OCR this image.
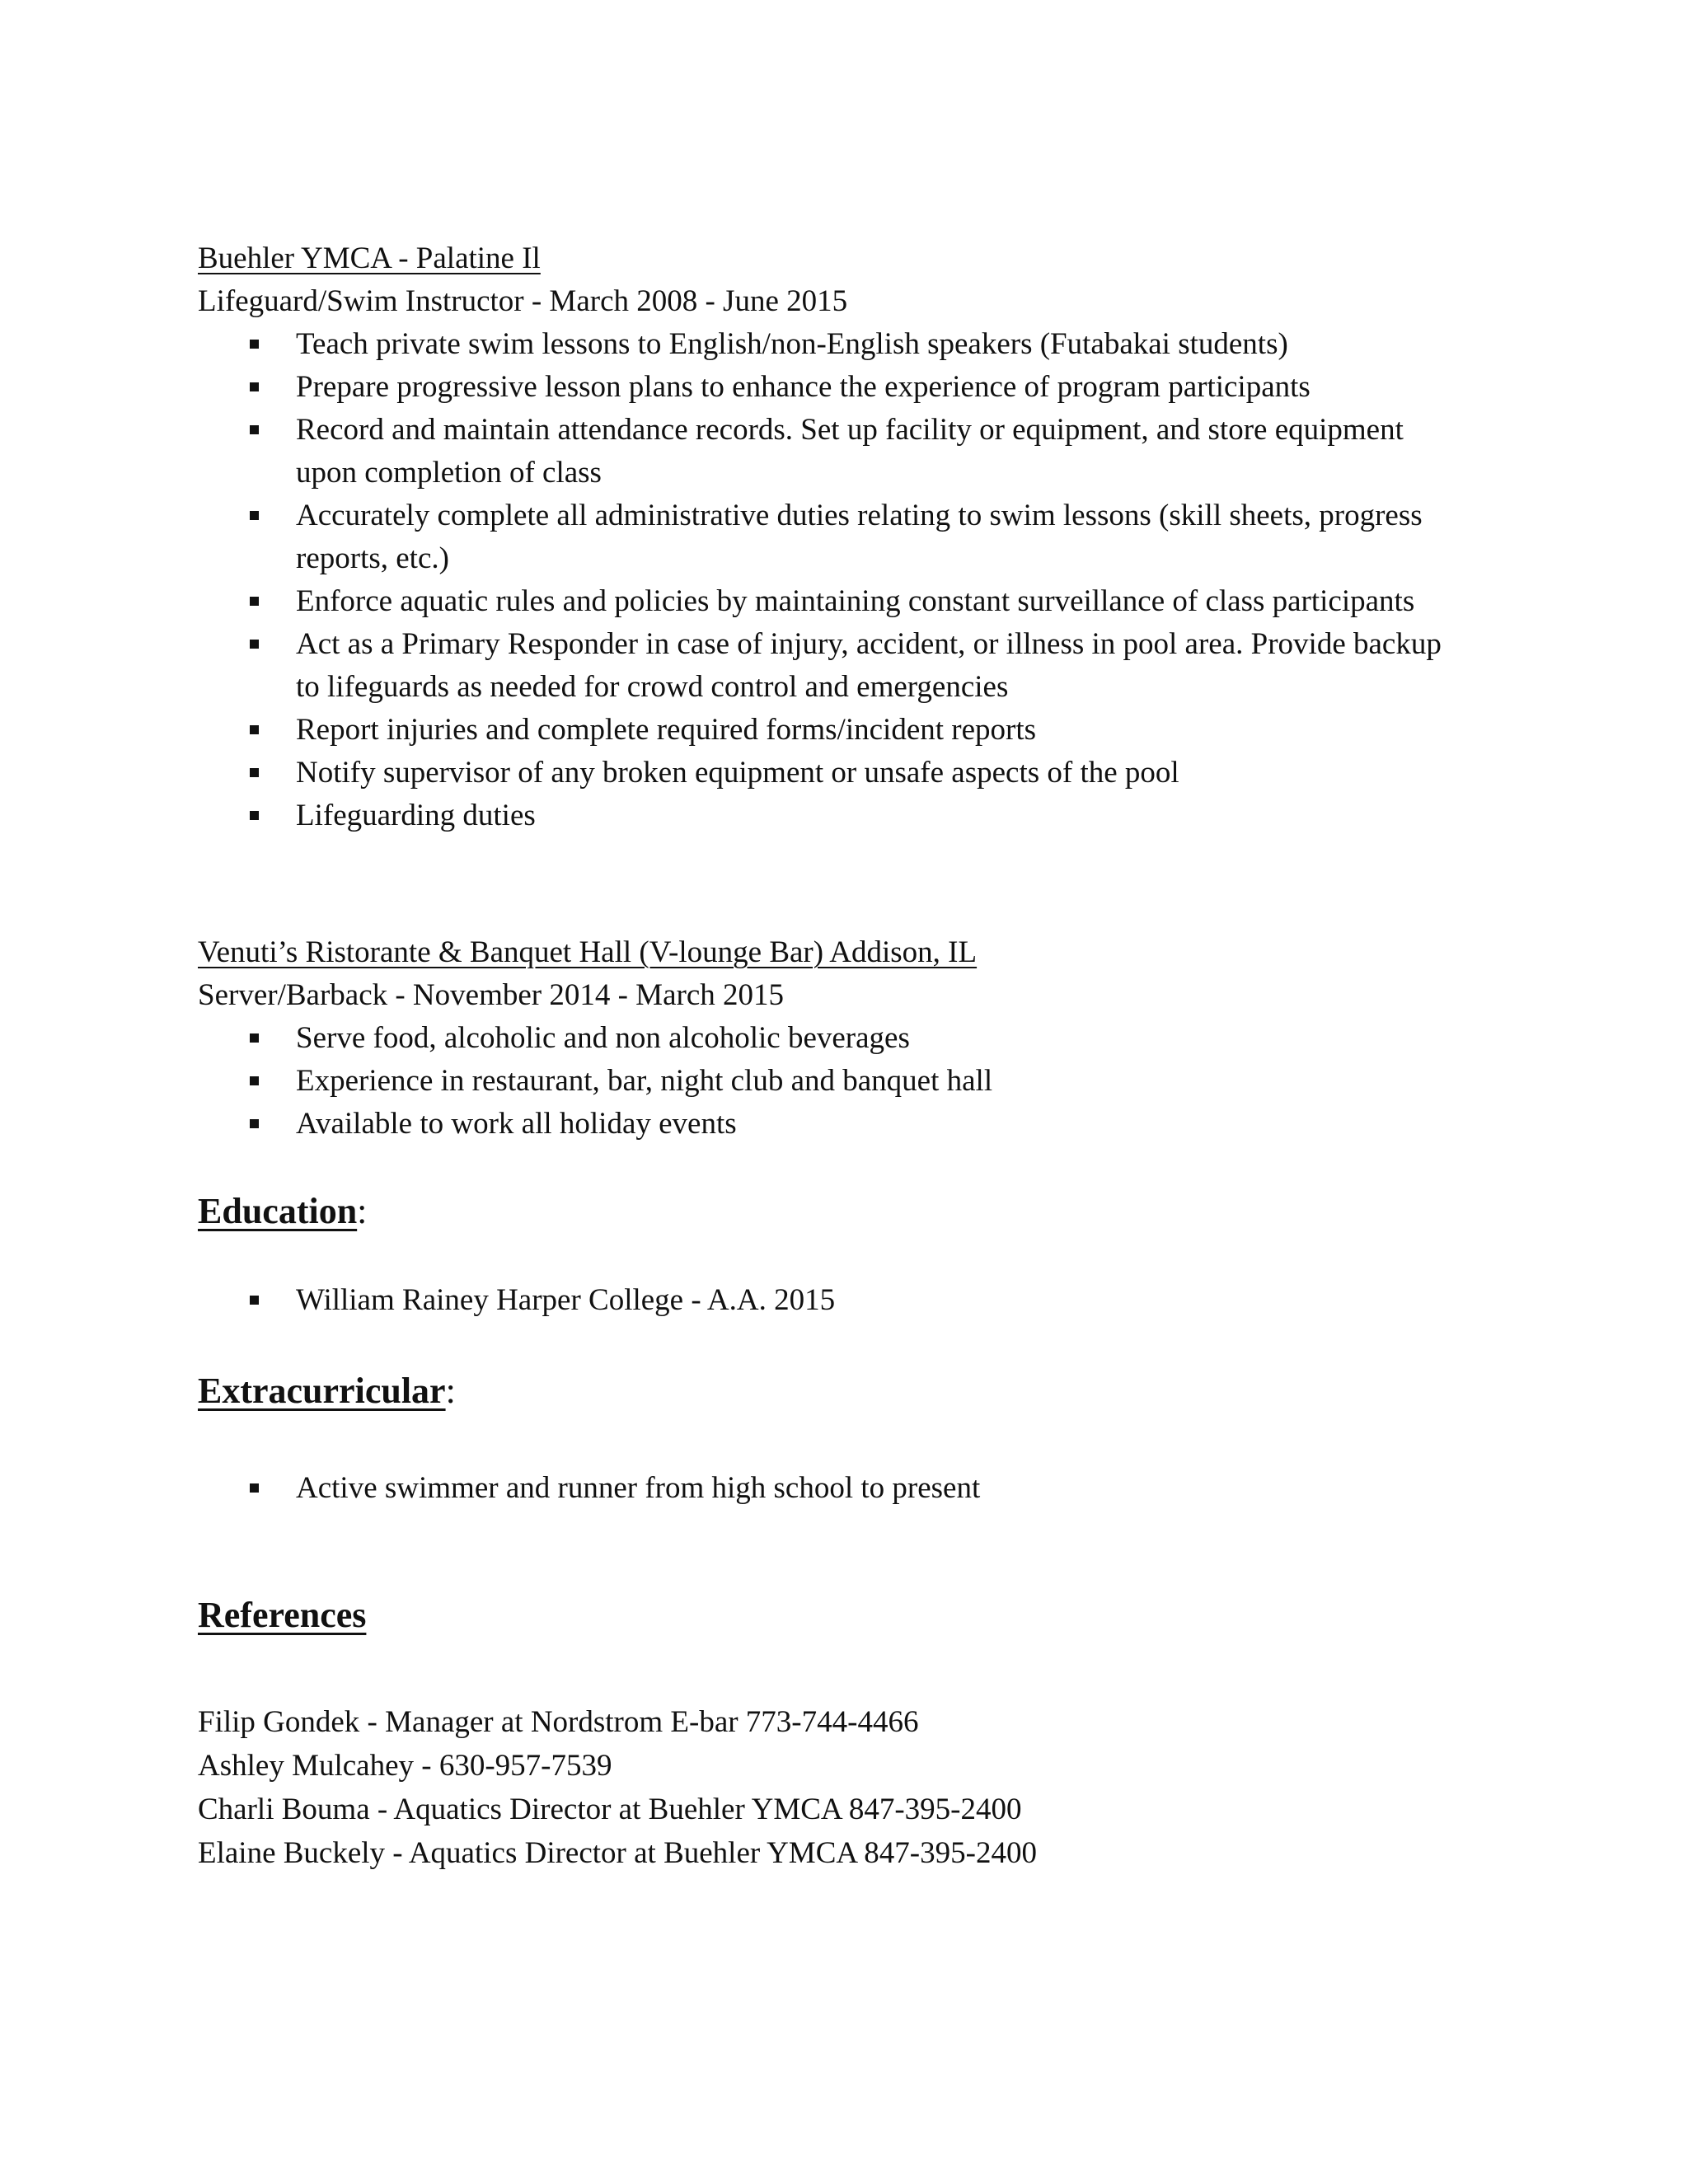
Buehler YMCA - Palatine Il
Lifeguard/Swim Instructor - March 2008 - June 2015
Teach private swim lessons to English/non-English speakers (Futabakai students)
Prepare progressive lesson plans to enhance the experience of program participants
Record and maintain attendance records. Set up facility or equipment, and store equipment upon completion of class
Accurately complete all administrative duties relating to swim lessons (skill sheets, progress reports, etc.)
Enforce aquatic rules and policies by maintaining constant surveillance of class participants
Act as a Primary Responder in case of injury, accident, or illness in pool area. Provide backup to lifeguards as needed for crowd control and emergencies
Report injuries and complete required forms/incident reports
Notify supervisor of any broken equipment or unsafe aspects of the pool
Lifeguarding duties
Venuti’s Ristorante & Banquet Hall (V-lounge Bar) Addison, IL
Server/Barback - November 2014 - March 2015
Serve food, alcoholic and non alcoholic beverages
Experience in restaurant, bar, night club and banquet hall
Available to work all holiday events
Education:
William Rainey Harper College - A.A. 2015
Extracurricular:
Active swimmer and runner from high school to present
References
Filip Gondek - Manager at Nordstrom E-bar 773-744-4466
Ashley Mulcahey - 630-957-7539
Charli Bouma - Aquatics Director at Buehler YMCA 847-395-2400
Elaine Buckely - Aquatics Director at Buehler YMCA 847-395-2400
